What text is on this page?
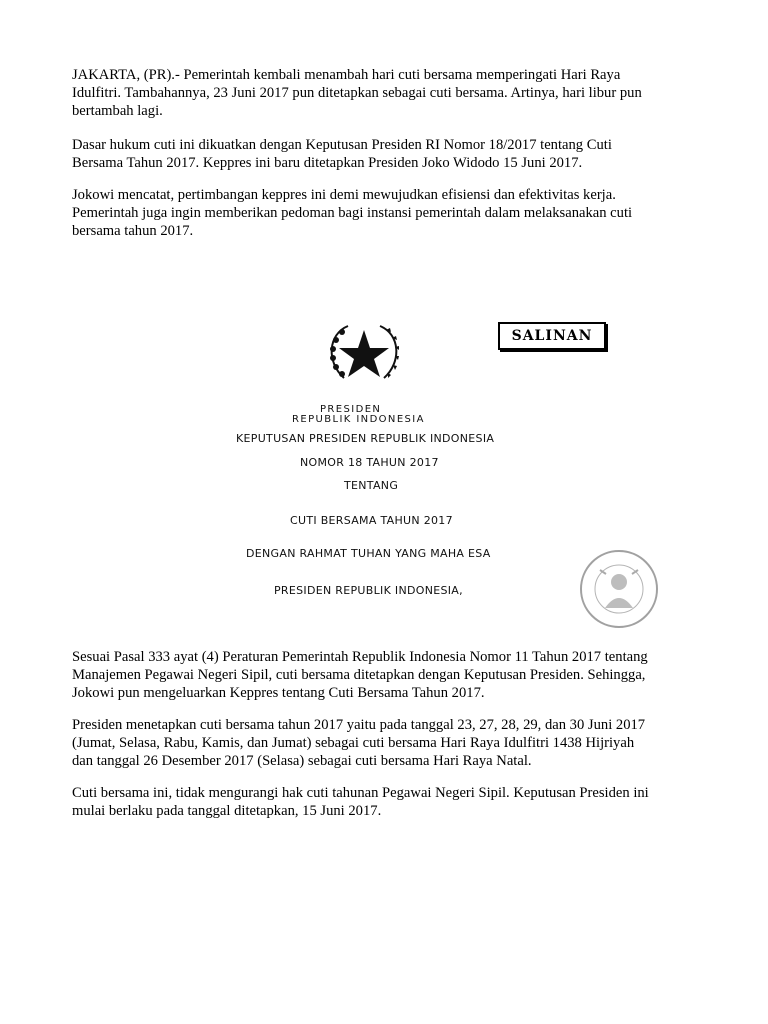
JAKARTA, (PR).- Pemerintah kembali menambah hari cuti bersama memperingati Hari Raya
Idulfitri. Tambahannya, 23 Juni 2017 pun ditetapkan sebagai cuti bersama. Artinya, hari libur pun
bertambah lagi.

Dasar hukum cuti ini dikuatkan dengan Keputusan Presiden RI Nomor 18/2017 tentang Cuti
Bersama Tahun 2017. Keppres ini baru ditetapkan Presiden Joko Widodo 15 Juni 2017.

Jokowi mencatat, pertimbangan keppres ini demi mewujudkan efisiensi dan efektivitas kerja.
Pemerintah juga ingin memberikan pedoman bagi instansi pemerintah dalam melaksanakan cuti
bersama tahun 2017.

SALINAN
PRESIDEN
REPUBLIK INDONESIA
KEPUTUSAN PRESIDEN REPUBLIK INDONESIA
NOMOR 18 TAHUN 2017
TENTANG
CUTI BERSAMA TAHUN 2017
DENGAN RAHMAT TUHAN YANG MAHA ESA
PRESIDEN REPUBLIK INDONESIA,

Sesuai Pasal 333 ayat (4) Peraturan Pemerintah Republik Indonesia Nomor 11 Tahun 2017 tentang
Manajemen Pegawai Negeri Sipil, cuti bersama ditetapkan dengan Keputusan Presiden. Sehingga,
Jokowi pun mengeluarkan Keppres tentang Cuti Bersama Tahun 2017.

Presiden menetapkan cuti bersama tahun 2017 yaitu pada tanggal 23, 27, 28, 29, dan 30 Juni 2017
(Jumat, Selasa, Rabu, Kamis, dan Jumat) sebagai cuti bersama Hari Raya Idulfitri 1438 Hijriyah
dan tanggal 26 Desember 2017 (Selasa) sebagai cuti bersama Hari Raya Natal.

Cuti bersama ini, tidak mengurangi hak cuti tahunan Pegawai Negeri Sipil. Keputusan Presiden ini
mulai berlaku pada tanggal ditetapkan, 15 Juni 2017.
